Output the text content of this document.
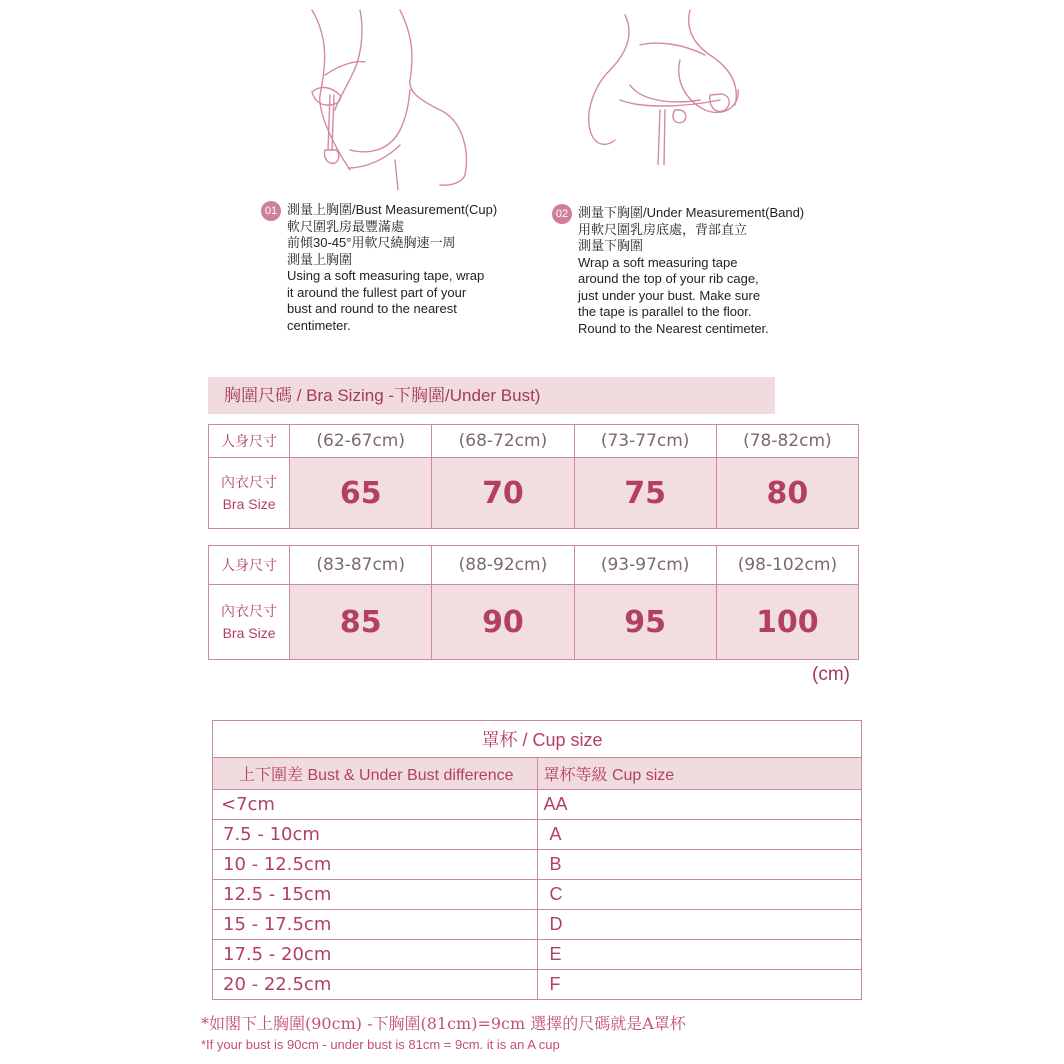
01 測量上胸圍/Bust Measurement(Cup)
軟尺圍乳房最豐滿處
前傾30-45°用軟尺繞胸速一周
測量上胸圍
Using a soft measuring tape, wrap
it around the fullest part of your
bust and round to the nearest
centimeter.
02 測量下胸圍/Under Measurement(Band)
用軟尺圍乳房底處，背部直立
測量下胸圍
Wrap a soft measuring tape
around the top of your rib cage,
just under your bust. Make sure
the tape is parallel to the floor.
Round to the Nearest centimeter.
胸圍尺碼 / Bra Sizing -下胸圍/Under Bust)
人身尺寸	(62-67cm)	(68-72cm)	(73-77cm)	(78-82cm)

內衣尺寸
Bra Size	65	70	75	80
人身尺寸	(83-87cm)	(88-92cm)	(93-97cm)	(98-102cm)

內衣尺寸
Bra Size	85	90	95	100
(cm)
罩杯 / Cup size	
上下圍差 Bust & Under Bust difference	罩杯等級 Cup size
<7cm	AA
7.5 - 10cm	A
10 - 12.5cm	B
12.5 - 15cm	C
15 - 17.5cm	D
17.5 - 20cm	E
20 - 22.5cm	F
*如閣下上胸圍(90cm) -下胸圍(81cm)=9cm 選擇的尺碼就是A罩杯
*If your bust is 90cm - under bust is 81cm = 9cm. it is an A cup
